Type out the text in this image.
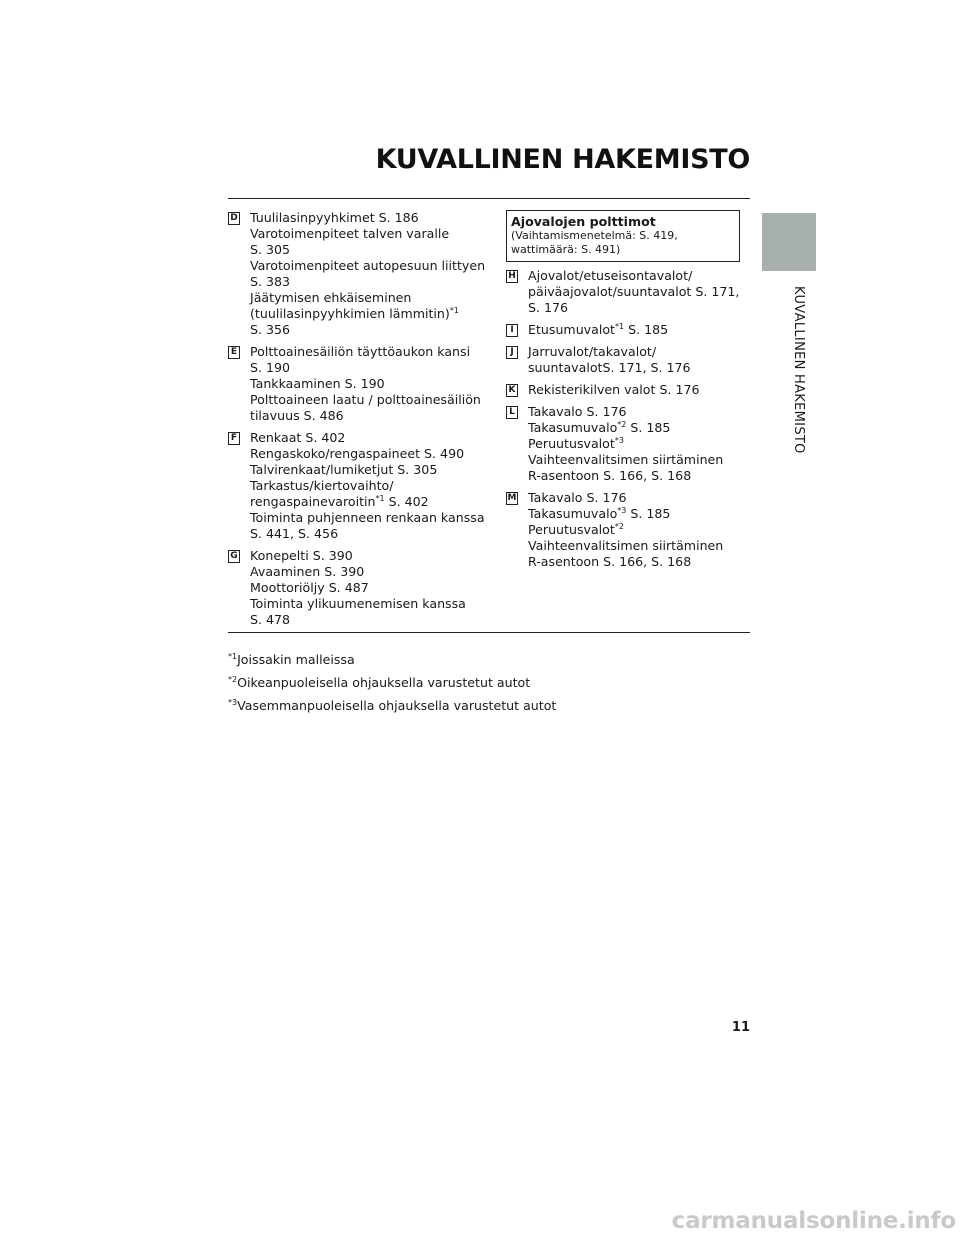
KUVALLINEN HAKEMISTO
KUVALLINEN HAKEMISTO
D Tuulilasinpyyhkimet S. 186
Varotoimenpiteet talven varalle
S. 305
Varotoimenpiteet autopesuun liittyen
S. 383
Jäätymisen ehkäiseminen
(tuulilasinpyyhkimien lämmitin)$^{*1}$
S. 356
E Polttoainesäiliön täyttöaukon kansi
S. 190
Tankkaaminen S. 190
Polttoaineen laatu / polttoainesäiliön
tilavuus S. 486
F Renkaat S. 402
Rengaskoko/rengaspaineet S. 490
Talvirenkaat/lumiketjut S. 305
Tarkastus/kiertovaihto/
rengaspainevaroitin$^{*1}$ S. 402
Toiminta puhjenneen renkaan kanssa
S. 441, S. 456
G Konepelti S. 390
Avaaminen S. 390
Moottoriöljy S. 487
Toiminta ylikuumenemisen kanssa
S. 478
Ajovalojen polttimot
(Vaihtamismenetelmä: S. 419, wattimäärä: S. 491)
H Ajovalot/etuseisontavalot/
päiväajovalot/suuntavalot S. 171,
S. 176
I	Etusumuvalot$^{*1}$ S. 185
J	Jarruvalot/takavalot/
suuntavalotS. 171, S. 176
K Rekisterikilven valot S. 176
L Takavalo S. 176
Takasumuvalo$^{*2}$ S. 185
Peruutusvalot$^{*3}$
Vaihteenvalitsimen siirtäminen
R-asentoon S. 166, S. 168
M Takavalo S. 176
Takasumuvalo$^{*3}$ S. 185
Peruutusvalot$^{*2}$
Vaihteenvalitsimen siirtäminen
R-asentoon S. 166, S. 168
$^{*1}$Joissakin malleissa
$^{*2}$Oikeanpuoleisella ohjauksella varustetut autot
$^{*3}$Vasemmanpuoleisella ohjauksella varustetut autot
11
carmanualsonline.info
